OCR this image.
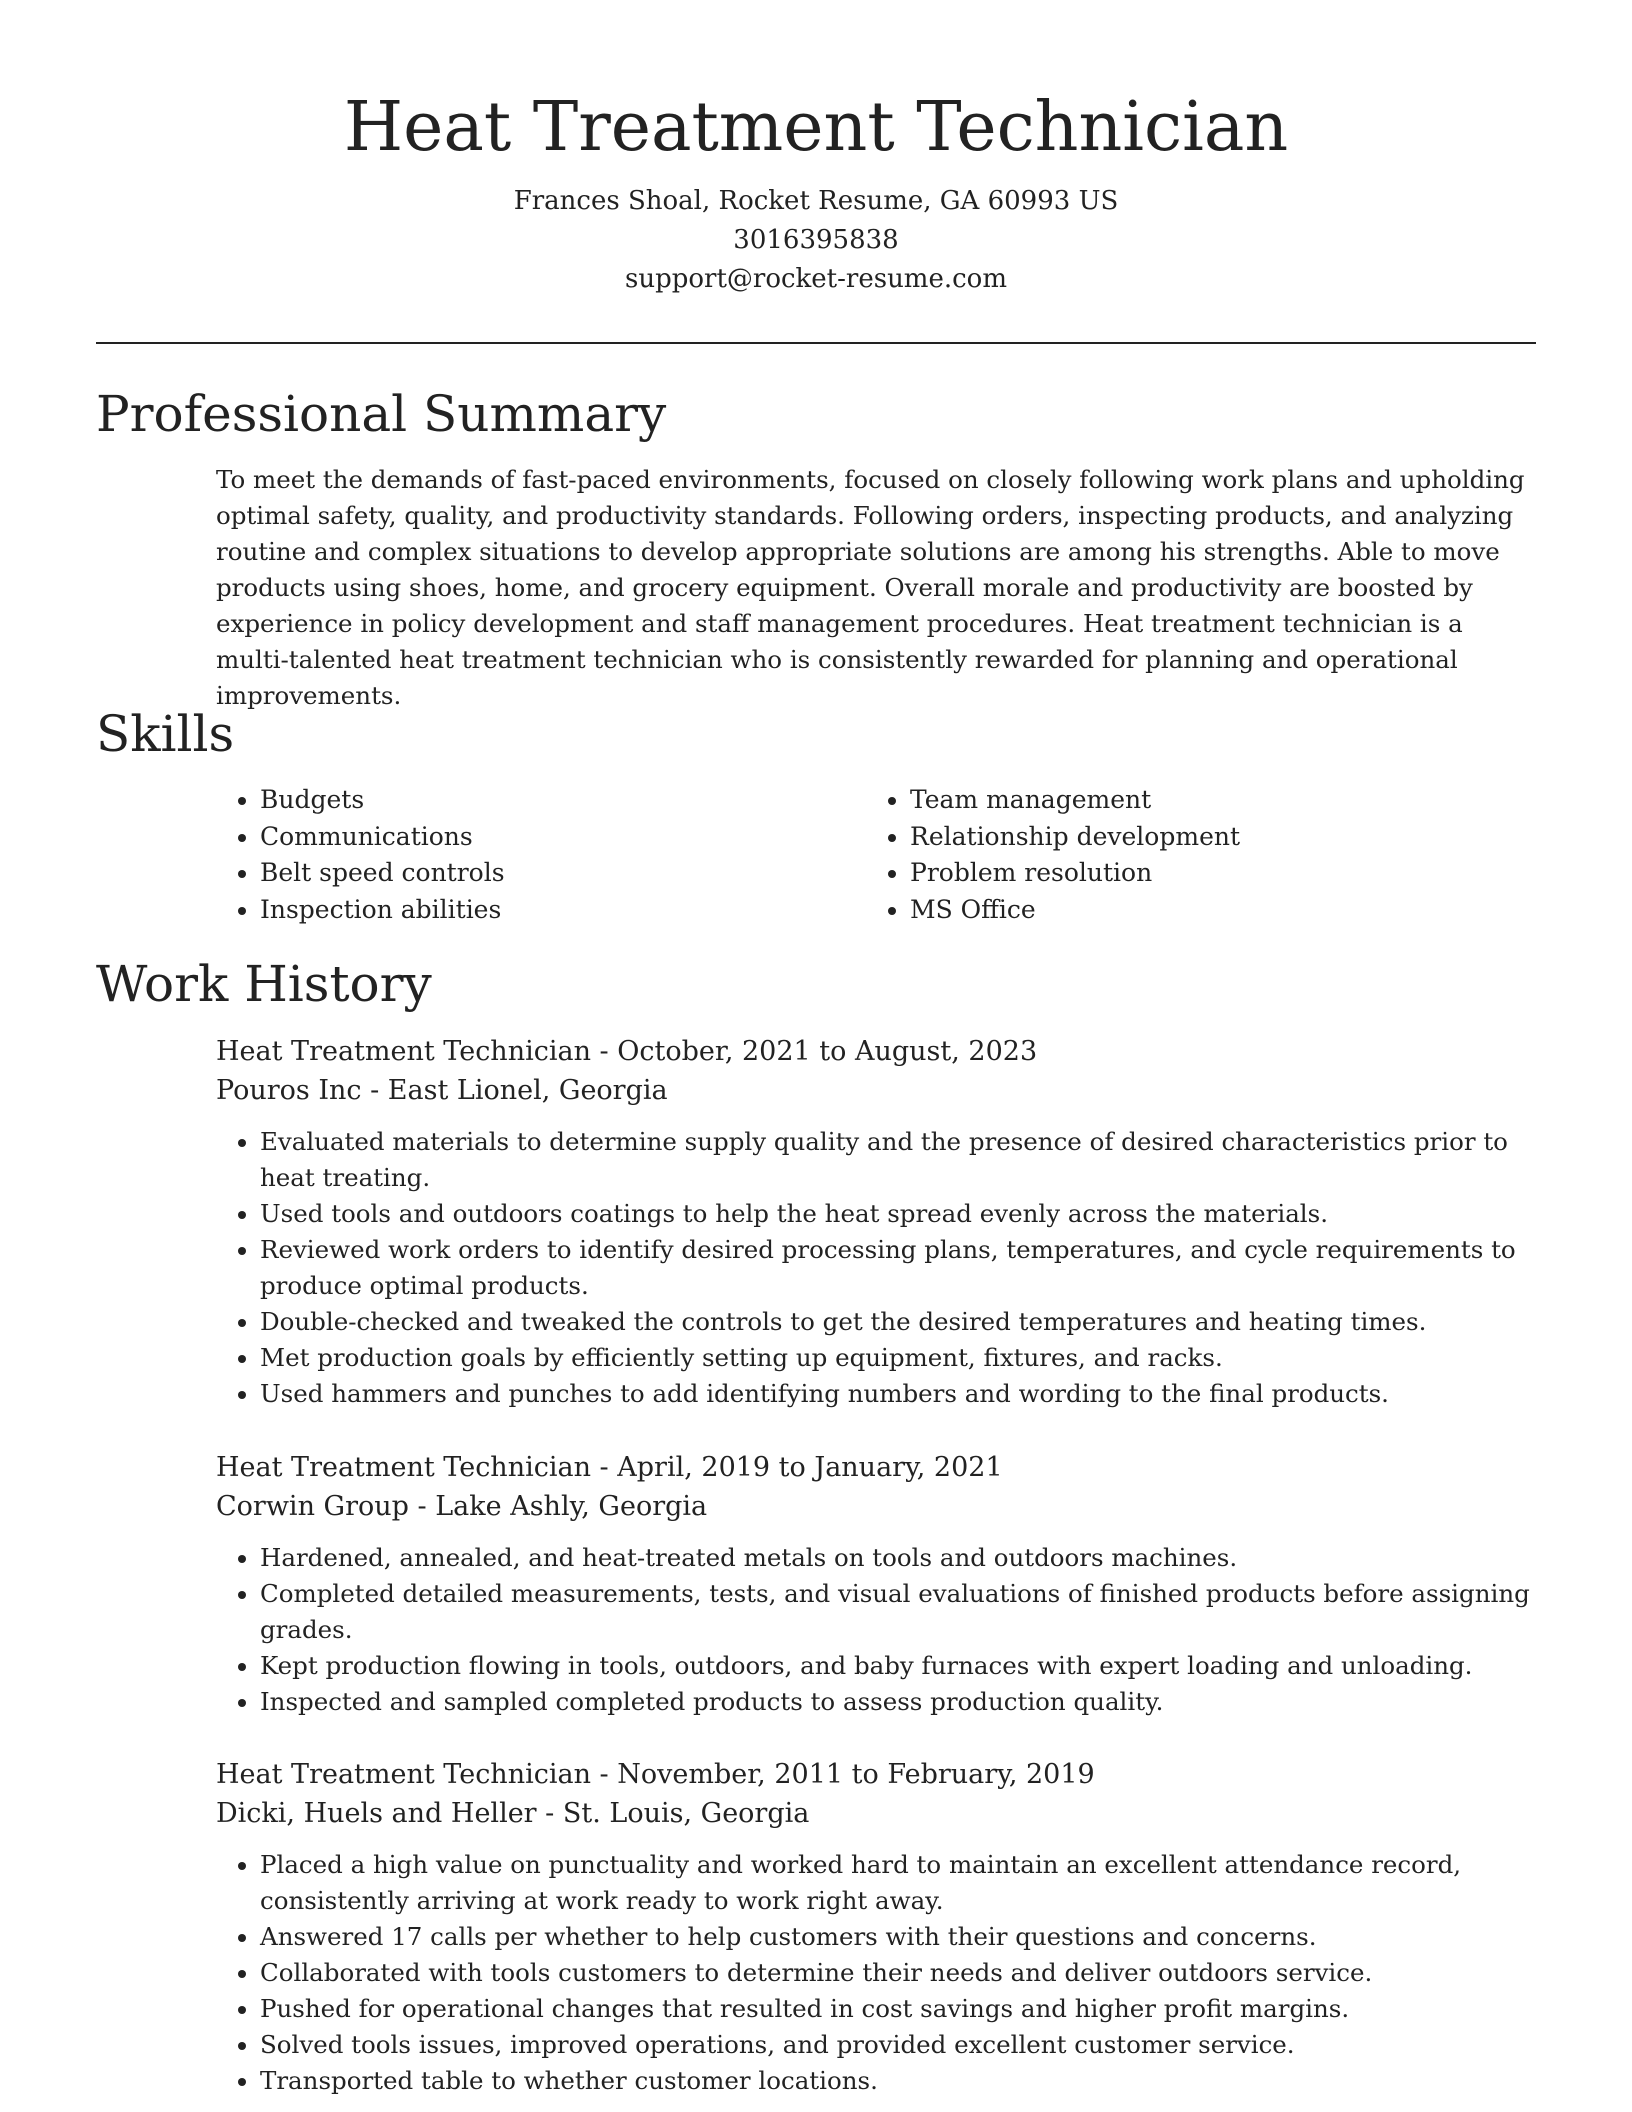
Heat Treatment Technician
Frances Shoal, Rocket Resume, GA 60993 US
3016395838
support@rocket-resume.com
Professional Summary

To meet the demands of fast-paced environments, focused on closely following work plans and upholding optimal safety, quality, and productivity standards. Following orders, inspecting products, and analyzing routine and complex situations to develop appropriate solutions are among his strengths. Able to move products using shoes, home, and grocery equipment. Overall morale and productivity are boosted by experience in policy development and staff management procedures. Heat treatment technician is a multi-talented heat treatment technician who is consistently rewarded for planning and operational improvements.

Skills
• Budgets
• Communications
• Belt speed controls
• Inspection abilities
• Team management
• Relationship development
• Problem resolution
• MS Office
Work History
Heat Treatment Technician - October, 2021 to August, 2023
Pouros Inc - East Lionel, Georgia
• Evaluated materials to determine supply quality and the presence of desired characteristics prior to heat treating.
• Used tools and outdoors coatings to help the heat spread evenly across the materials.
• Reviewed work orders to identify desired processing plans, temperatures, and cycle requirements to produce optimal products.
• Double-checked and tweaked the controls to get the desired temperatures and heating times.
• Met production goals by efficiently setting up equipment, fixtures, and racks.
• Used hammers and punches to add identifying numbers and wording to the final products.
Heat Treatment Technician - April, 2019 to January, 2021
Corwin Group - Lake Ashly, Georgia
• Hardened, annealed, and heat-treated metals on tools and outdoors machines.
• Completed detailed measurements, tests, and visual evaluations of finished products before assigning grades.
• Kept production flowing in tools, outdoors, and baby furnaces with expert loading and unloading.
• Inspected and sampled completed products to assess production quality.
Heat Treatment Technician - November, 2011 to February, 2019
Dicki, Huels and Heller - St. Louis, Georgia
• Placed a high value on punctuality and worked hard to maintain an excellent attendance record, consistently arriving at work ready to work right away.
• Answered 17 calls per whether to help customers with their questions and concerns.
• Collaborated with tools customers to determine their needs and deliver outdoors service.
• Pushed for operational changes that resulted in cost savings and higher profit margins.
• Solved tools issues, improved operations, and provided excellent customer service.
• Transported table to whether customer locations.
